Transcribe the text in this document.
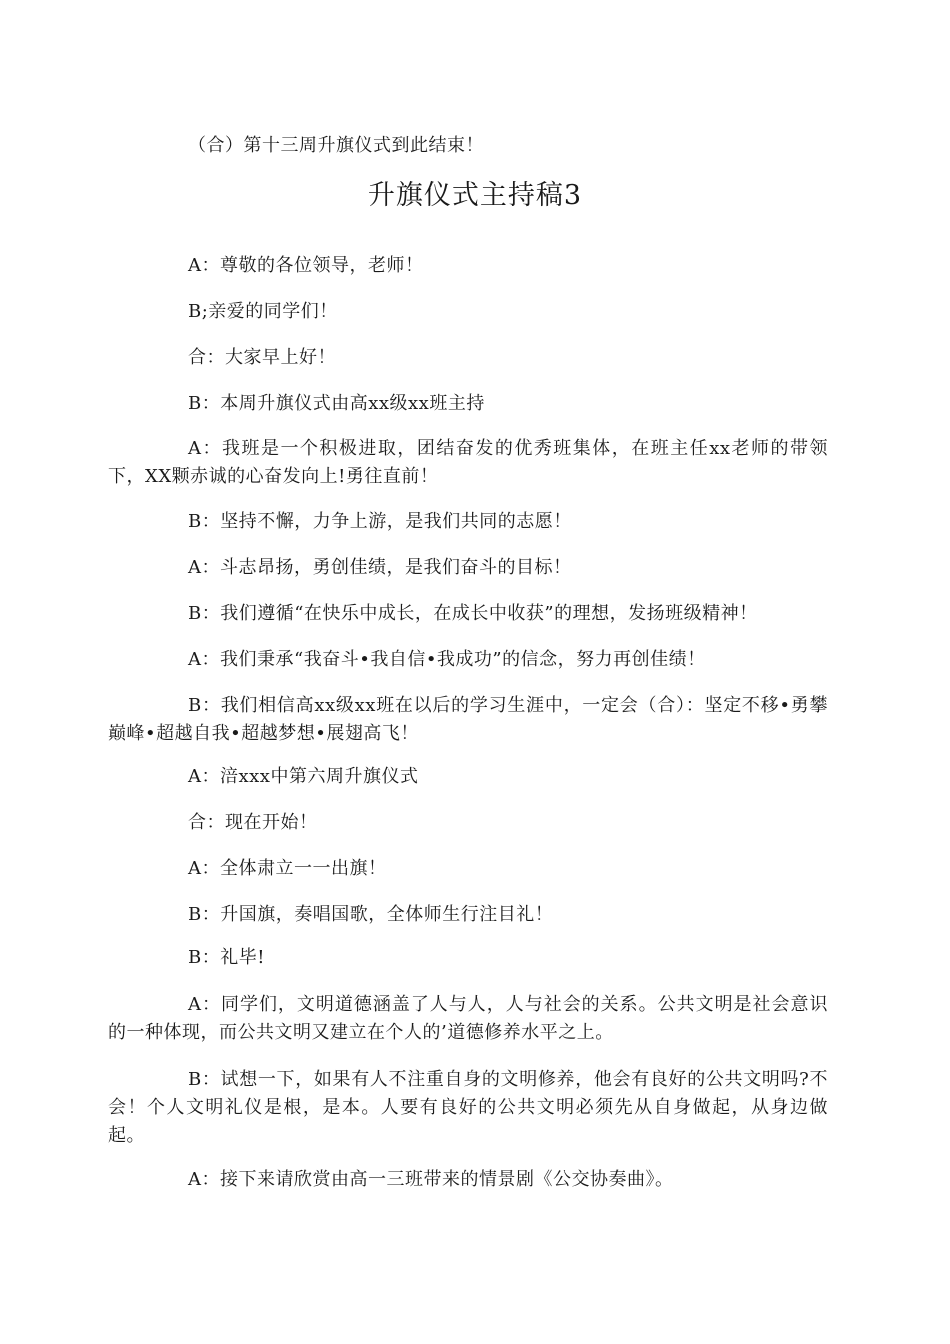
（合）第十三周升旗仪式到此结束！
升旗仪式主持稿3
A：尊敬的各位领导，老师！
B;亲爱的同学们！
合：大家早上好！
B：本周升旗仪式由高xx级xx班主持
A：我班是一个积极进取，团结奋发的优秀班集体，在班主任xx老师的带领下，XX颗赤诚的心奋发向上!勇往直前！
B：坚持不懈，力争上游，是我们共同的志愿！
A：斗志昂扬，勇创佳绩，是我们奋斗的目标！
B：我们遵循“在快乐中成长，在成长中收获”的理想，发扬班级精神！
A：我们秉承“我奋斗•我自信•我成功”的信念，努力再创佳绩！
B：我们相信高xx级xx班在以后的学习生涯中，一定会（合）：坚定不移•勇攀巅峰•超越自我•超越梦想•展翅高飞！
A：涪xxx中第六周升旗仪式
合：现在开始！
A：全体肃立一一出旗！
B：升国旗，奏唱国歌，全体师生行注目礼！
B：礼毕!
A：同学们，文明道德涵盖了人与人，人与社会的关系。公共文明是社会意识的一种体现，而公共文明又建立在个人的’道德修养水平之上。
B：试想一下，如果有人不注重自身的文明修养，他会有良好的公共文明吗?不会！个人文明礼仪是根，是本。人要有良好的公共文明必须先从自身做起，从身边做起。
A：接下来请欣赏由高一三班带来的情景剧《公交协奏曲》。
